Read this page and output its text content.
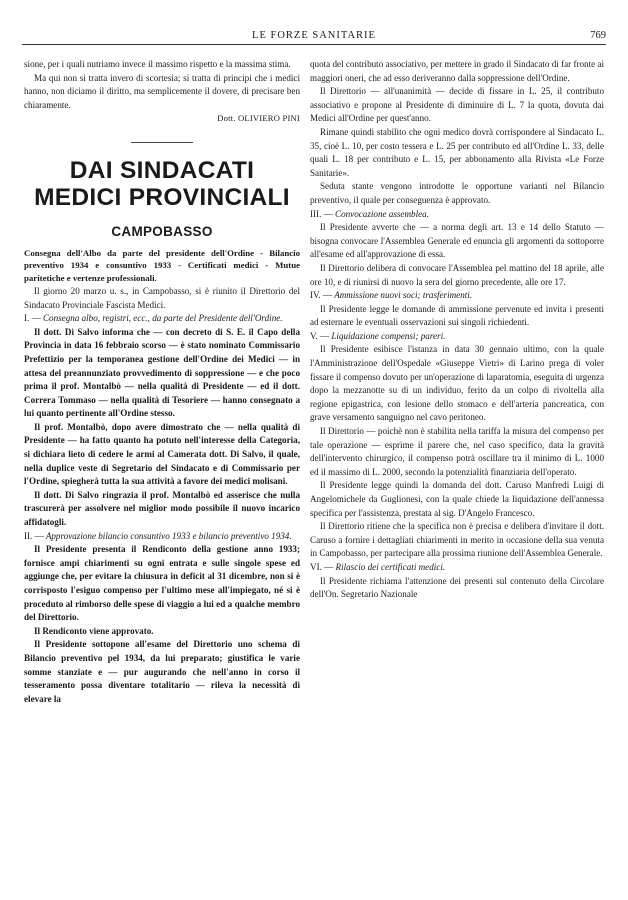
LE FORZE SANITARIE	769

sione, per i quali nutriamo invece il massimo rispetto e la massima stima.

Ma qui non si tratta invero di scortesia; si tratta di principi che i medici hanno, non diciamo il diritto, ma semplicemente il dovere, di precisare ben chiaramente.

Dott. OLIVIERO PINI

DAI SINDACATI
MEDICI PROVINCIALI
CAMPOBASSO

Consegna dell'Albo da parte del presidente dell'Ordine - Bilancio preventivo 1934 e consuntivo 1933 - Certificati medici - Mutue paritetiche e vertenze professionali.

Il giorno 20 marzo u. s., in Campobasso, si è riunito il Direttorio del Sindacato Provinciale Fascista Medici.

I. — Consegna albo, registri, ecc., da parte del Presidente dell'Ordine.

Il dott. Di Salvo informa che — con decreto di S. E. il Capo della Provincia in data 16 febbraio scorso — è stato nominato Commissario Prefettizio per la temporanea gestione dell'Ordine dei Medici — in attesa del preannunziato provvedimento di soppressione — e che poco prima il prof. Montalbò — nella qualità di Presidente — ed il dott. Correra Tommaso — nella qualità di Tesoriere — hanno consegnato a lui quanto pertinente all'Ordine stesso.

Il prof. Montalbò, dopo avere dimostrato che — nella qualità di Presidente — ha fatto quanto ha potuto nell'interesse della Categoria, si dichiara lieto di cedere le armi al Camerata dott. Di Salvo, il quale, nella duplice veste di Segretario del Sindacato e di Commissario per l'Ordine, spiegherà tutta la sua attività a favore dei medici molisani.

Il dott. Di Salvo ringrazia il prof. Montalbò ed asserisce che nulla trascurerà per assolvere nel miglior modo possibile il nuovo incarico affidatogli.

II. — Approvazione bilancio consuntivo 1933 e bilancio preventivo 1934.

Il Presidente presenta il Rendiconto della gestione anno 1933; fornisce ampi chiarimenti su ogni entrata e sulle singole spese ed aggiunge che, per evitare la chiusura in deficit al 31 dicembre, non si è corrisposto l'esiguo compenso per l'ultimo mese all'impiegato, né si è proceduto al rimborso delle spese di viaggio a lui ed a qualche membro del Direttorio.

Il Rendiconto viene approvato.

Il Presidente sottopone all'esame del Direttorio uno schema di Bilancio preventivo pel 1934, da lui preparato; giustifica le varie somme stanziate e — pur augurando che nell'anno in corso il tesseramento possa diventare totalitario — rileva la necessità di elevare la

quota del contributo associativo, per mettere in grado il Sindacato di far fronte ai maggiori oneri, che ad esso deriveranno dalla soppressione dell'Ordine.

Il Direttorio — all'unanimità — decide di fissare in L. 25, il contributo associativo e propone al Presidente di diminuire di L. 7 la quota, dovuta dai Medici all'Ordine per quest'anno.

Rimane quindi stabilito che ogni medico dovrà corrispondere al Sindacato L. 35, cioè L. 10, per costo tessera e L. 25 per contributo ed all'Ordine L. 33, delle quali L. 18 per contributo e L. 15, per abbonamento alla Rivista «Le Forze Sanitarie».

Seduta stante vengono introdotte le opportune varianti nel Bilancio preventivo, il quale per conseguenza è approvato.

III. — Convocazione assemblea.

Il Presidente avverte che — a norma degli art. 13 e 14 dello Statuto — bisogna convocare l'Assemblea Generale ed enuncia gli argomenti da sottoporre all'esame ed all'approvazione di essa.

Il Direttorio delibera di convocare l'Assemblea pel mattino del 18 aprile, alle ore 10, e di riunirsi di nuovo la sera del giorno precedente, alle ore 17.

IV. — Ammissione nuovi soci; trasferimenti.

Il Presidente legge le domande di ammissione pervenute ed invita i presenti ad esternare le eventuali osservazioni sui singoli richiedenti.

V. — Liquidazione compensi; pareri.

Il Presidente esibisce l'istanza in data 30 gennaio ultimo, con la quale l'Amministrazione dell'Ospedale «Giuseppe Vietri» di Larino prega di voler fissare il compenso dovuto per un'operazione di laparatomia, eseguita di urgenza dopo la mezzanotte su di un individuo, ferito da un colpo di rivoltella alla regione epigastrica, con lesione dello stomaco e dell'arteria pancreatica, con grave versamento sanguigno nel cavo peritoneo.

Il Direttorio — poichè non è stabilita nella tariffa la misura del compenso per tale operazione — esprime il parere che, nel caso specifico, data la gravità dell'intervento chirurgico, il compenso potrà oscillare tra il minimo di L. 1000 ed il massimo di L. 2000, secondo la potenzialità finanziaria dell'operato.

Il Presidente legge quindi la domanda del dott. Caruso Manfredi Luigi di Angelomichele da Guglionesi, con la quale chiede la liquidazione dell'annessa specifica per l'assistenza, prestata al sig. D'Angelo Francesco.

Il Direttorio ritiene che la specifica non è precisa e delibera d'invitare il dott. Caruso a fornire i dettagliati chiarimenti in merito in occasione della sua venuta in Campobasso, per partecipare alla prossima riunione dell'Assemblea Generale.

VI. — Rilascio dei certificati medici.

Il Presidente richiama l'attenzione dei presenti sul contenuto della Circolare dell'On. Segretario Nazionale
